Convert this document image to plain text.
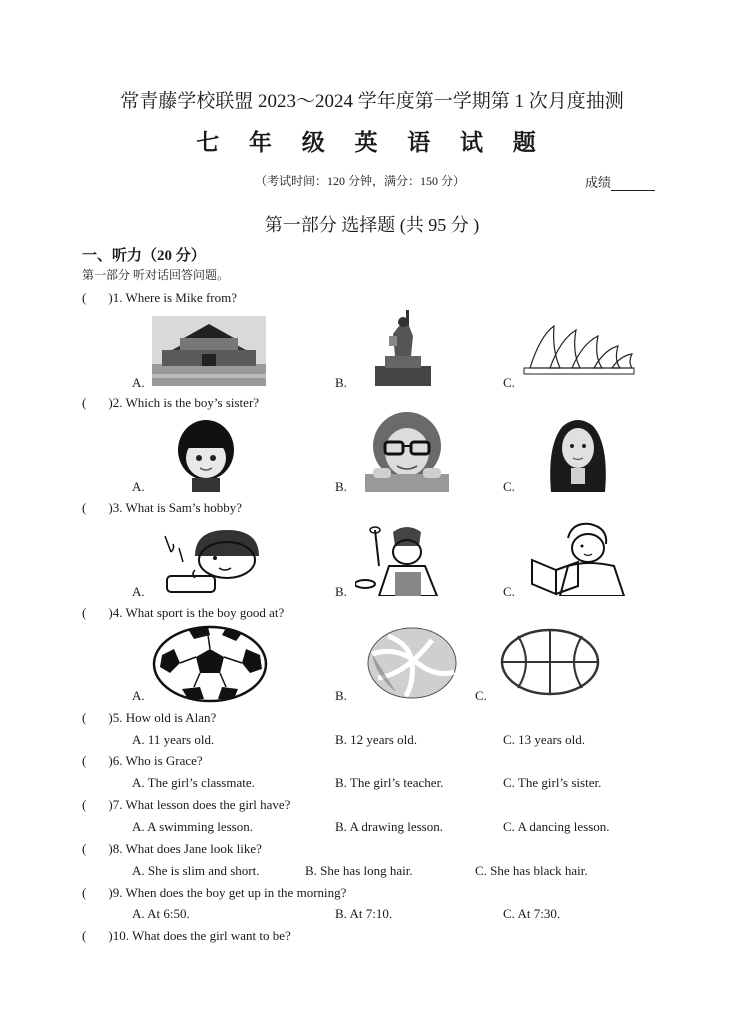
常青藤学校联盟 2023～2024 学年度第一学期第 1 次月度抽测
七 年 级 英 语 试 题
（考试时间：120 分钟，满分：150 分）	成绩
第一部分 选择题 (共 95 分 )
一、听力（20 分）
第一部分 听对话回答问题。
( )1. Where is Mike from?
A.	B.	C.
( )2. Which is the boy’s sister?
A.	B.	C.
( )3. What is Sam’s hobby?
A.	B.	C.
( )4. What sport is the boy good at?
A.	B.	C.
( )5. How old is Alan?
A. 11 years old.	B. 12 years old.	C. 13 years old.
( )6. Who is Grace?
A. The girl’s classmate.	B. The girl’s teacher.	C. The girl’s sister.
( )7. What lesson does the girl have?
A. A swimming lesson.	B. A drawing lesson.	C. A dancing lesson.
( )8. What does Jane look like?
A. She is slim and short.	B. She has long hair.	C. She has black hair.
( )9. When does the boy get up in the morning?
A. At 6:50.	B. At 7:10.	C. At 7:30.
( )10. What does the girl want to be?
